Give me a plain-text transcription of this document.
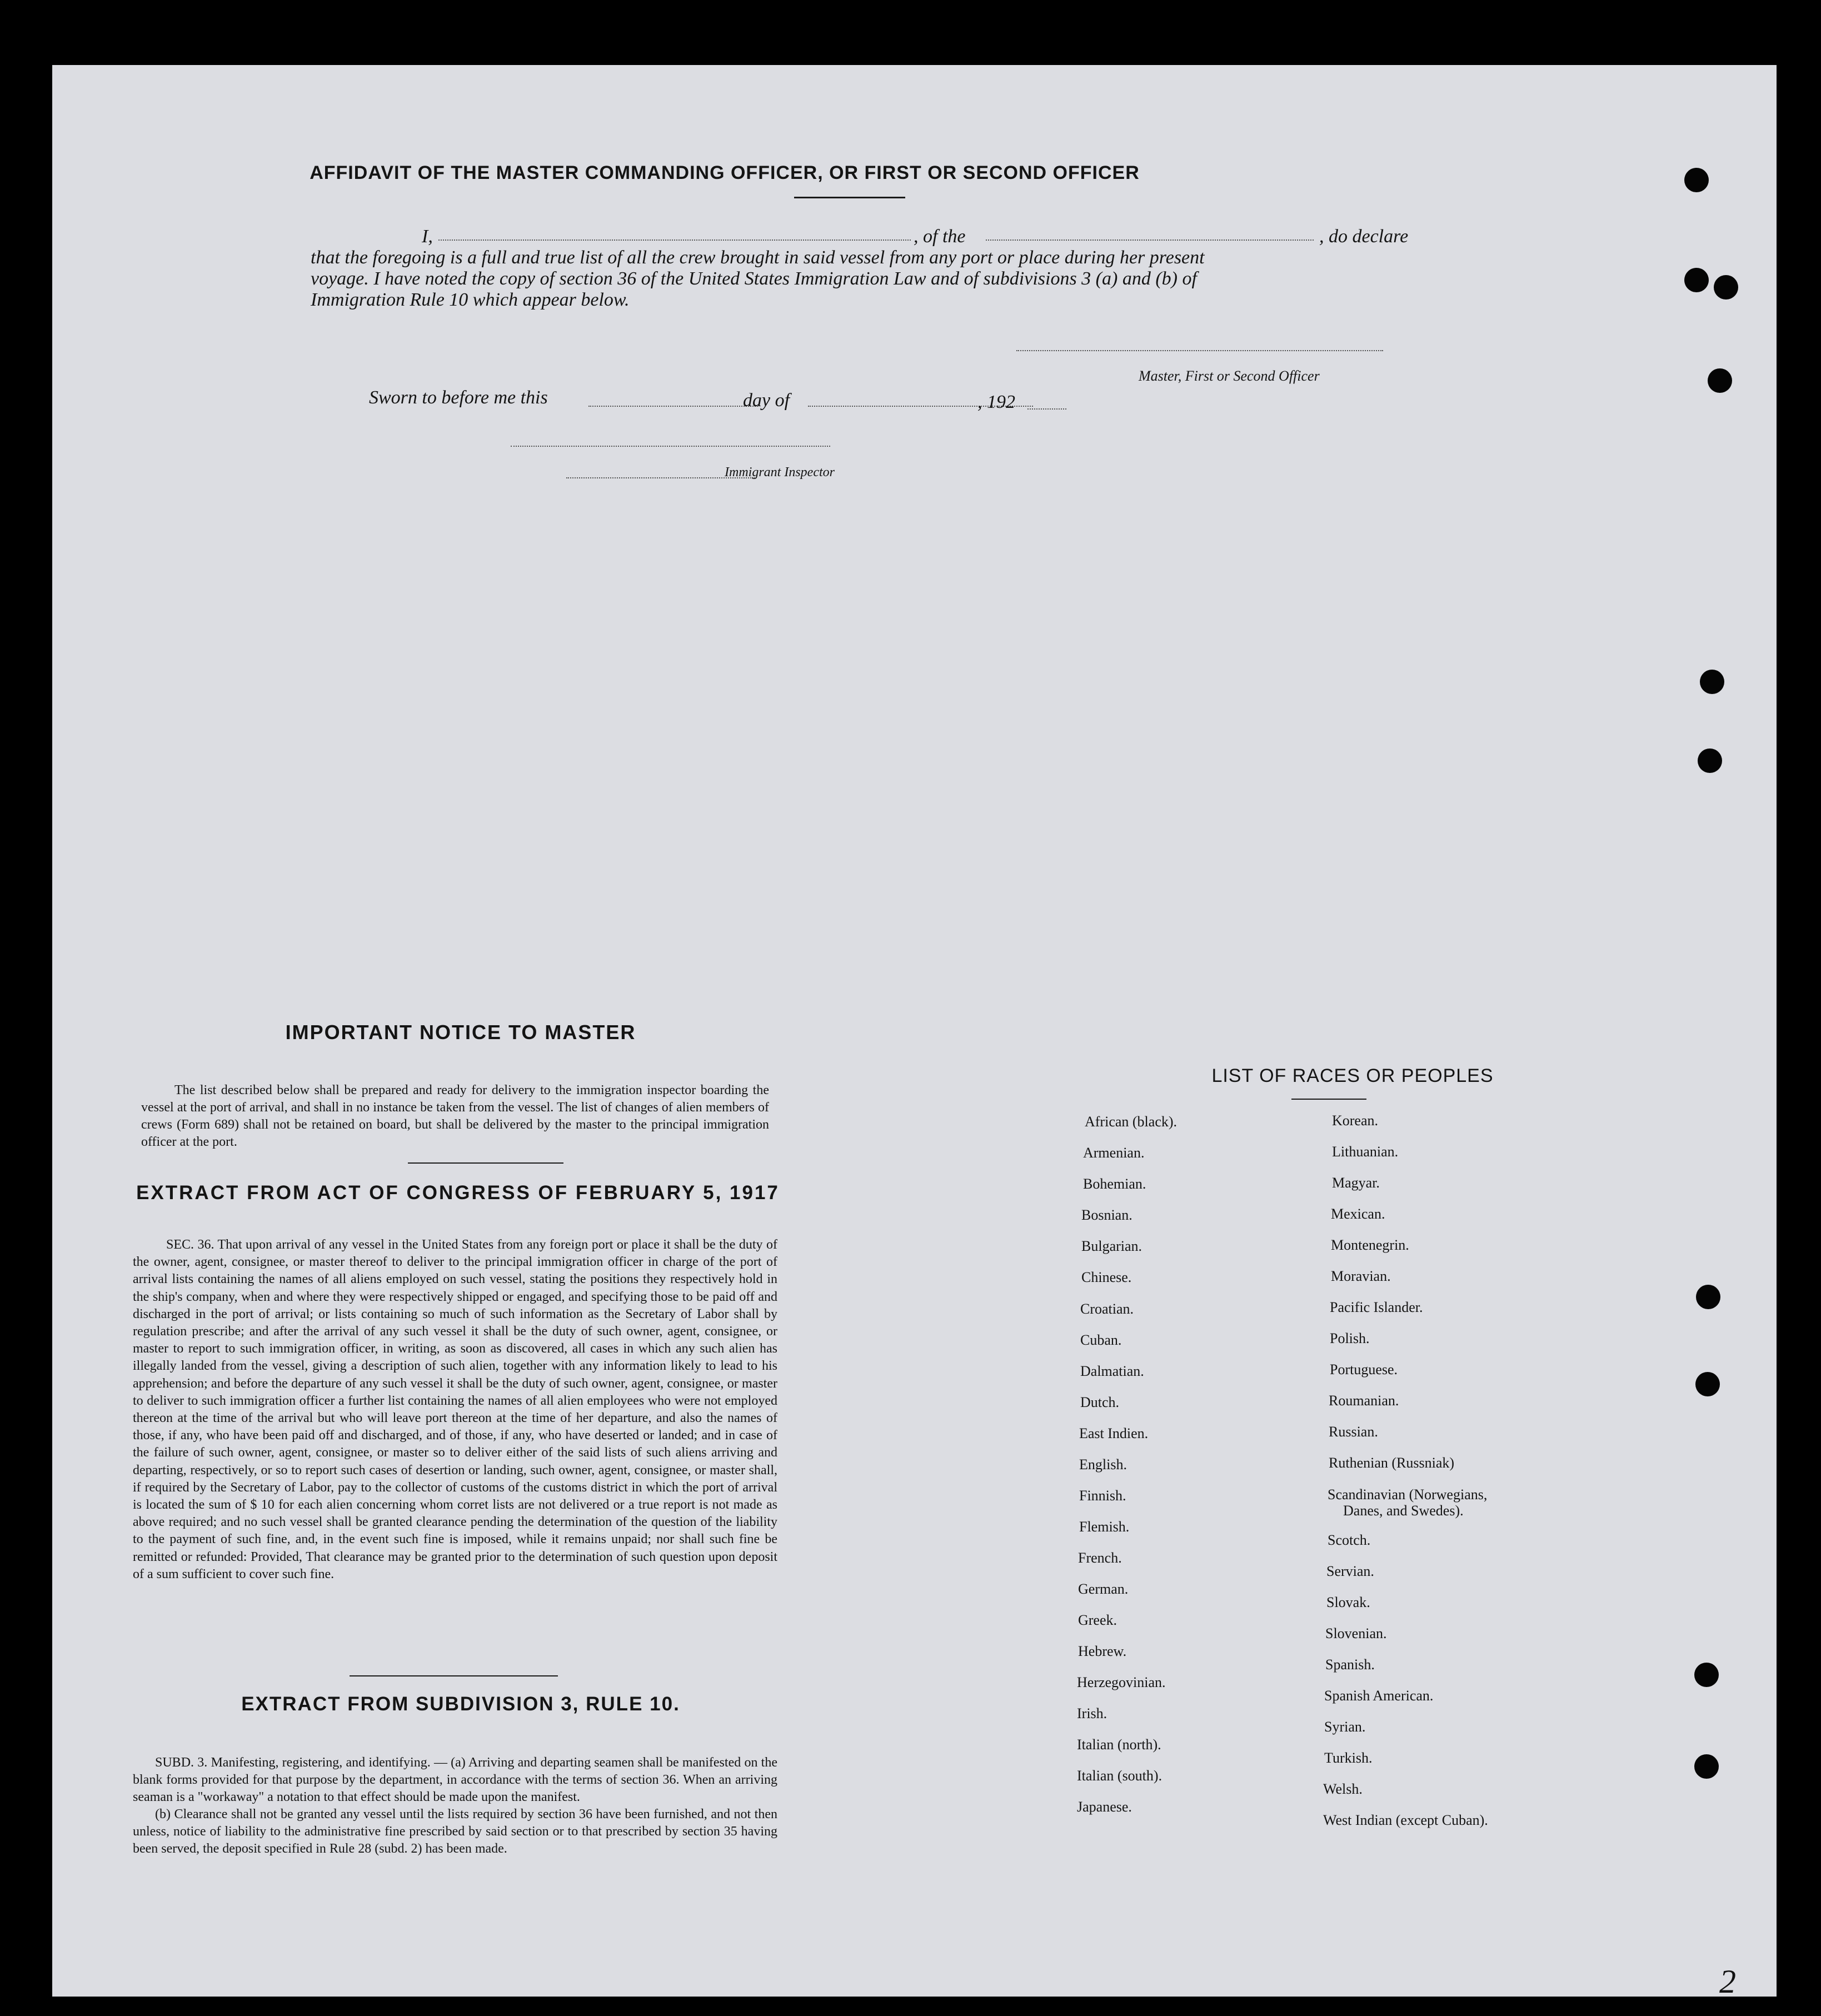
AFFIDAVIT OF THE MASTER COMMANDING OFFICER, OR FIRST OR SECOND OFFICER
I,	, of the	, do declare
that the foregoing is a full and true list of all the crew brought in said vessel from any port or place during her present
voyage. I have noted the copy of section 36 of the United States Immigration Law and of subdivisions 3 (a) and (b) of
Immigration Rule 10 which appear below.
Master, First or Second Officer
Sworn to before me this	day of	, 192
Immigrant Inspector
IMPORTANT NOTICE TO MASTER
The list described below shall be prepared and ready for delivery to the immigration inspector boarding the vessel at the port of arrival, and shall in no instance be taken from the vessel. The list of changes of alien members of crews (Form 689) shall not be retained on board, but shall be delivered by the master to the principal immigration officer at the port.
EXTRACT FROM ACT OF CONGRESS OF FEBRUARY 5, 1917
SEC. 36. That upon arrival of any vessel in the United States from any foreign port or place it shall be the duty of the owner, agent, consignee, or master thereof to deliver to the principal immigration officer in charge of the port of arrival lists containing the names of all aliens employed on such vessel, stating the positions they respectively hold in the ship's company, when and where they were respectively shipped or engaged, and specifying those to be paid off and discharged in the port of arrival; or lists containing so much of such information as the Secretary of Labor shall by regulation prescribe; and after the arrival of any such vessel it shall be the duty of such owner, agent, consignee, or master to report to such immigration officer, in writing, as soon as discovered, all cases in which any such alien has illegally landed from the vessel, giving a description of such alien, together with any information likely to lead to his apprehension; and before the departure of any such vessel it shall be the duty of such owner, agent, consignee, or master to deliver to such immigration officer a further list containing the names of all alien employees who were not employed thereon at the time of the arrival but who will leave port thereon at the time of her departure, and also the names of those, if any, who have been paid off and discharged, and of those, if any, who have deserted or landed; and in case of the failure of such owner, agent, consignee, or master so to deliver either of the said lists of such aliens arriving and departing, respectively, or so to report such cases of desertion or landing, such owner, agent, consignee, or master shall, if required by the Secretary of Labor, pay to the collector of customs of the customs district in which the port of arrival is located the sum of $ 10 for each alien concerning whom corret lists are not delivered or a true report is not made as above required; and no such vessel shall be granted clearance pending the determination of the question of the liability to the payment of such fine, and, in the event such fine is imposed, while it remains unpaid; nor shall such fine be remitted or refunded: Provided, That clearance may be granted prior to the determination of such question upon deposit of a sum sufficient to cover such fine.
EXTRACT FROM SUBDIVISION 3, RULE 10.

SUBD. 3. Manifesting, registering, and identifying. — (a) Arriving and departing seamen shall be manifested on the blank forms provided for that purpose by the department, in accordance with the terms of section 36. When an arriving seaman is a "workaway" a notation to that effect should be made upon the manifest.

(b) Clearance shall not be granted any vessel until the lists required by section 36 have been furnished, and not then unless, notice of liability to the administrative fine prescribed by said section or to that prescribed by section 35 having been served, the deposit specified in Rule 28 (subd. 2) has been made.

LIST OF RACES OR PEOPLES
African (black).
Armenian.
Bohemian.
Bosnian.
Bulgarian.
Chinese.
Croatian.
Cuban.
Dalmatian.
Dutch.
East Indien.
English.
Finnish.
Flemish.
French.
German.
Greek.
Hebrew.
Herzegovinian.
Irish.
Italian (north).
Italian (south).
Japanese.
Korean.
Lithuanian.
Magyar.
Mexican.
Montenegrin.
Moravian.
Pacific Islander.
Polish.
Portuguese.
Roumanian.
Russian.
Ruthenian (Russniak)
Scandinavian (Norwegians,
Danes, and Swedes).
Scotch.
Servian.
Slovak.
Slovenian.
Spanish.
Spanish American.
Syrian.
Turkish.
Welsh.
West Indian (except Cuban).
2
